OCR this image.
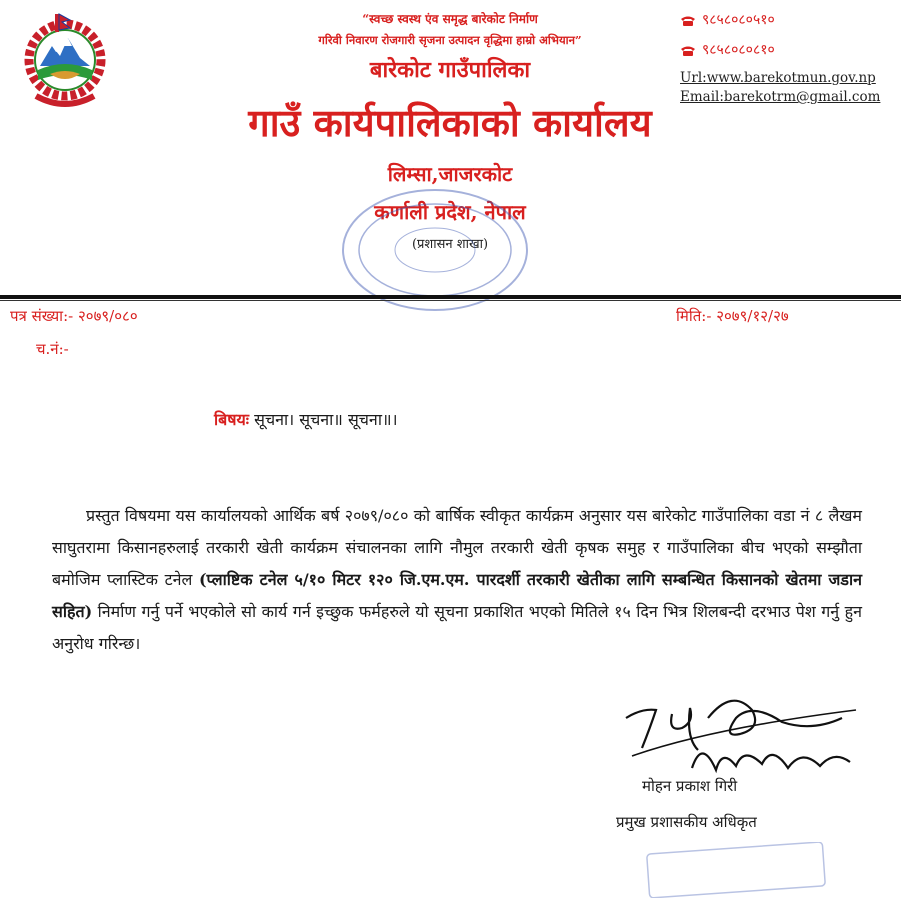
“स्वच्छ स्वस्थ एंव समृद्ध बारेकोट निर्माण
गरिवी निवारण रोजगारी सृजना उत्पादन वृद्धिमा हाम्रो अभियान”
बारेकोट गाउँपालिका
गाउँ कार्यपालिकाको कार्यालय
लिम्सा,जाजरकोट
कर्णाली प्रदेश, नेपाल
(प्रशासन शाखा)
९८५८०८०५१०
९८५८०८०८१०
Url:www.barekotmun.gov.np
Email:barekotrm@gmail.com
पत्र संख्या:- २०७९/०८०
च.नं:-
मिति:- २०७९/१२/२७
बिषयः सूचना। सूचना॥ सूचना॥।

प्रस्तुत विषयमा यस कार्यालयको आर्थिक बर्ष २०७९/०८० को बार्षिक स्वीकृत कार्यक्रम अनुसार यस बारेकोट गाउँपालिका वडा नं ८ लैखम साघुतरामा किसानहरुलाई तरकारी खेती कार्यक्रम संचालनका लागि नौमुल तरकारी खेती कृषक समुह र गाउँपालिका बीच भएको सम्झौता बमोजिम प्लास्टिक टनेल (प्लाष्टिक टनेल ५/१० मिटर १२० जि.एम.एम. पारदर्शी तरकारी खेतीका लागि सम्बन्धित किसानको खेतमा जडान सहित) निर्माण गर्नु पर्ने भएकोले सो कार्य गर्न इच्छुक फर्महरुले यो सूचना प्रकाशित भएको मितिले १५ दिन भित्र शिलबन्दी दरभाउ पेश गर्नु हुन अनुरोध गरिन्छ।

मोहन प्रकाश गिरी
प्रमुख प्रशासकीय अधिकृत
